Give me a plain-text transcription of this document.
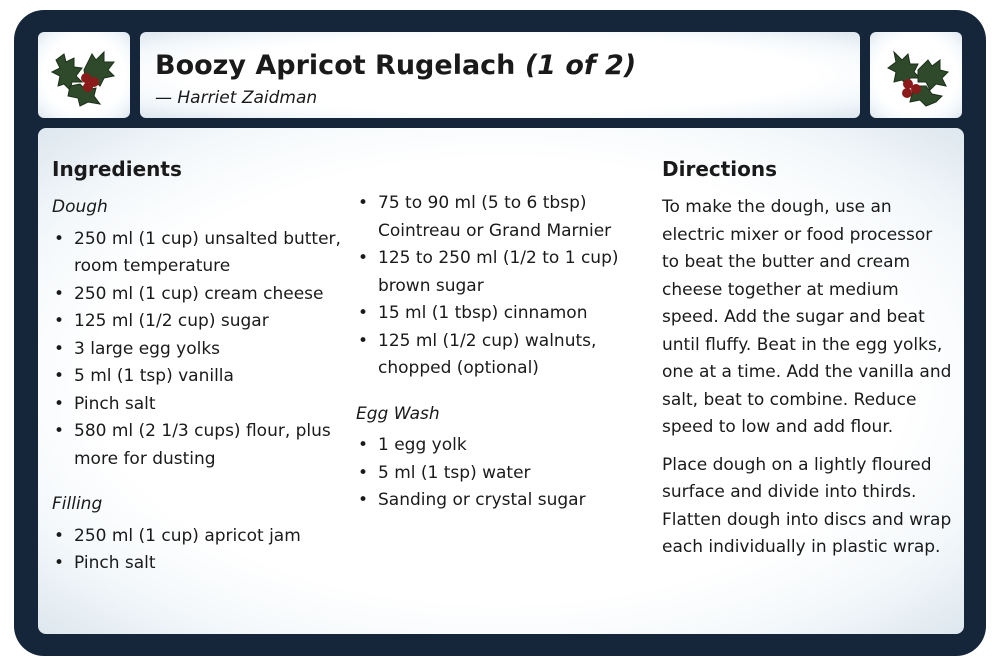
Boozy Apricot Rugelach (1 of 2)
— Harriet Zaidman
Ingredients
Dough
• 250 ml (1 cup) unsalted butter, room temperature
• 250 ml (1 cup) cream cheese
• 125 ml (1/2 cup) sugar
• 3 large egg yolks
• 5 ml (1 tsp) vanilla
• Pinch salt
• 580 ml (2 1/3 cups) flour, plus more for dusting
Filling
• 250 ml (1 cup) apricot jam
• Pinch salt
• 75 to 90 ml (5 to 6 tbsp) Cointreau or Grand Marnier
• 125 to 250 ml (1/2 to 1 cup) brown sugar
• 15 ml (1 tbsp) cinnamon
• 125 ml (1/2 cup) walnuts, chopped (optional)
Egg Wash
• 1 egg yolk
• 5 ml (1 tsp) water
• Sanding or crystal sugar
Directions

To make the dough, use an electric mixer or food processor to beat the butter and cream cheese together at medium speed. Add the sugar and beat until fluffy. Beat in the egg yolks, one at a time. Add the vanilla and salt, beat to combine. Reduce speed to low and add flour.

Place dough on a lightly floured surface and divide into thirds. Flatten dough into discs and wrap each individually in plastic wrap.
